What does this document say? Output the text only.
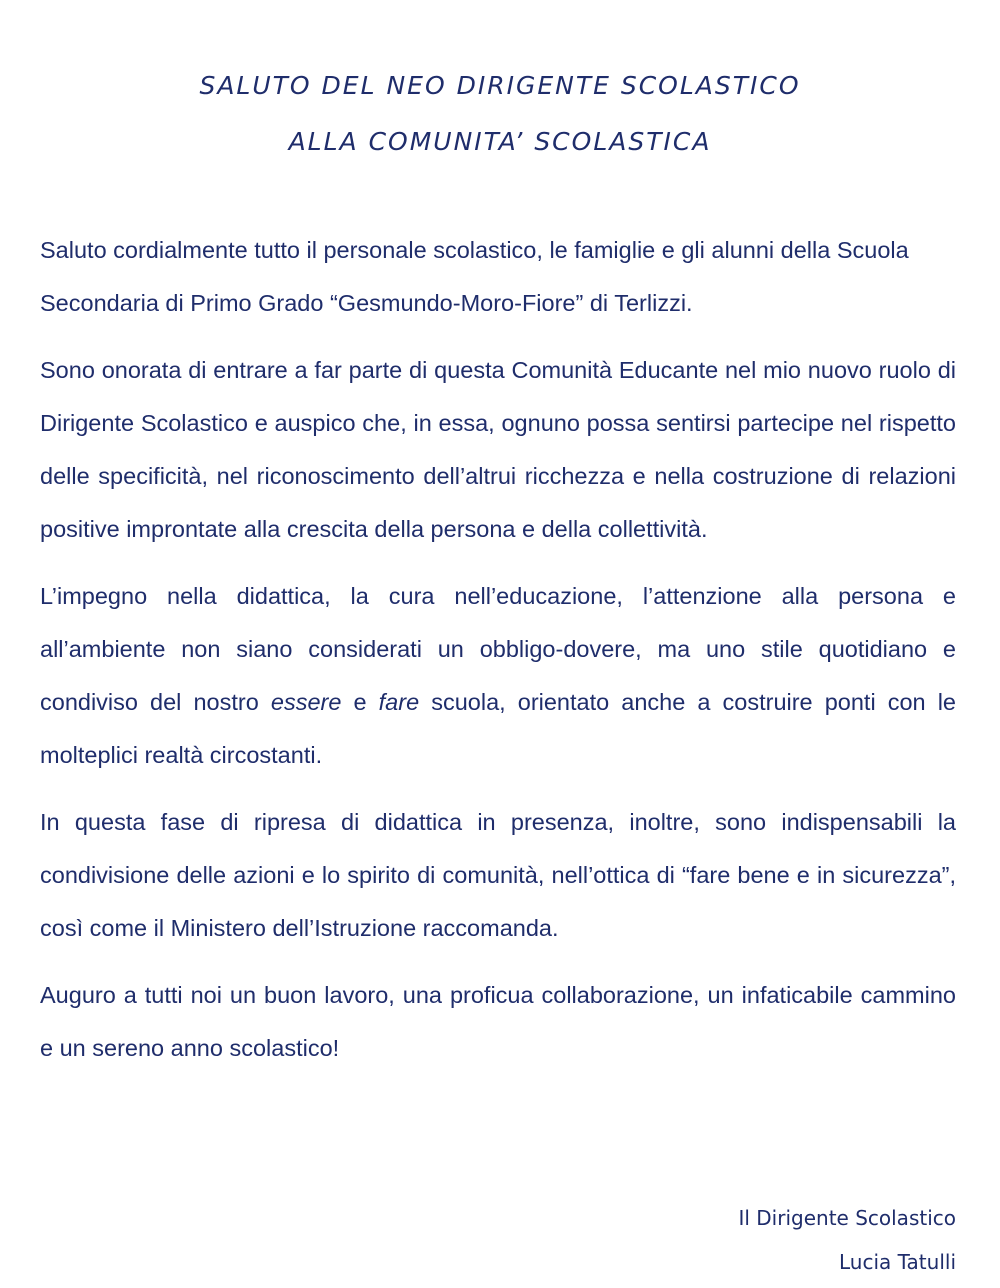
SALUTO DEL NEO DIRIGENTE SCOLASTICO
ALLA COMUNITA’ SCOLASTICA

Saluto cordialmente tutto il personale scolastico, le famiglie e gli alunni della Scuola Secondaria di Primo Grado “Gesmundo-Moro-Fiore” di Terlizzi.

Sono onorata di entrare a far parte di questa Comunità Educante nel mio nuovo ruolo di Dirigente Scolastico e auspico che, in essa, ognuno possa sentirsi partecipe nel rispetto delle specificità, nel riconoscimento dell’altrui ricchezza e nella costruzione di relazioni positive improntate alla crescita della persona e della collettività.

L’impegno nella didattica, la cura nell’educazione, l’attenzione alla persona e all’ambiente non siano considerati un obbligo-dovere, ma uno stile quotidiano e condiviso del nostro essere e fare scuola, orientato anche a costruire ponti con le molteplici realtà circostanti.

In questa fase di ripresa di didattica in presenza, inoltre, sono indispensabili la condivisione delle azioni e lo spirito di comunità, nell’ottica di “fare bene e in sicurezza”, così come il Ministero dell’Istruzione raccomanda.

Auguro a tutti noi un buon lavoro, una proficua collaborazione, un infaticabile cammino e un sereno anno scolastico!

Il Dirigente Scolastico
Lucia Tatulli
